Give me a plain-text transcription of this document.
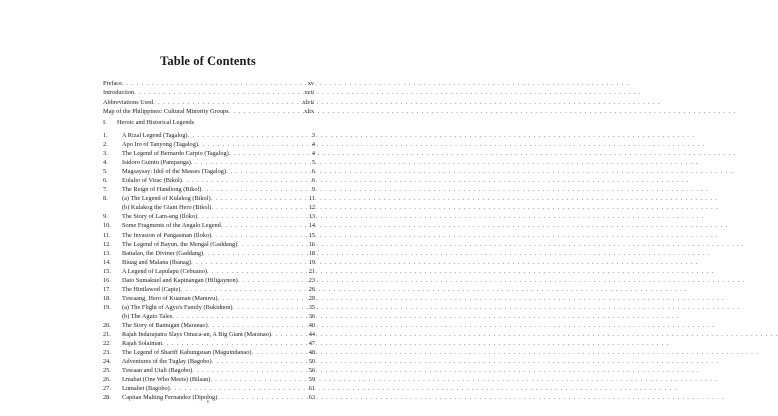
Table of Contents
Preface . . .	xv
Introduction . . .	xvii
Abbreviations Used . . .	xlvii
Map of the Philippines: Cultural Minority Groups . . .	xlix
I. Heroic and Historical Legends
1.	A Rizal Legend (Tagalog) . . .	3
2.	Apo Iro of Tanyong (Tagalog) . . .	4
3.	The Legend of Bernardo Carpio (Tagalog) . . .	4
4.	Isidoro Guintu (Pampanga) . . .	5
5.	Magsaysay: Idol of the Masses (Tagalog) . . .	6
6.	Eulalio of Virac (Bikol) . . .	6
7.	The Reign of Handiong (Bikol) . . .	9
8.	(a) The Legend of Kulakog (Bikol) . . .	11
(b) Kulakog the Giant Hero (Bikol) . . .	12
9.	The Story of Lam-ang (Iloko) . . .	13
10.	Some Fragments of the Angalo Legend . . .	14
11.	The Invasion of Pangasinan (Iloko) . . .	15
12.	The Legend of Bayun, the Mengal (Gaddang) . . .	16
13.	Battalan, the Diviner (Gaddang) . . .	18
14.	Biuag and Malana (Ibanag) . . .	19
15.	A Legend of Lapulapu (Cebuano) . . .	21
16.	Dato Sumakuel and Kapinangan (Hiligaynon) . . .	23
17.	The Hinilawod (Capiz) . . .	26
18.	Tuwaang, Hero of Kuaman (Manuvu) . . .	29
19.	(a) The Flight of Agyu's Family (Bukidnon) . . .	35
(b) The Aguio Tales . . .	36
20.	The Story of Bantugan (Maranao) . . .	40
21.	Rajah Indarapatra Slays Omaca-an, A Big Giant (Maranao) . . .	44
22.	Rajah Solaiman . . .	47
23.	The Legend of Shariff Kabungsuan (Maguindanao) . . .	48
24.	Adventures of the Tuglay (Bagobo) . . .	50
25.	Tuwaan and Utali (Bagobo) . . .	56
26.	Lmabat (One Who Meets) (Bilaan) . . .	59
27.	Lumabet (Bagobo) . . .	61
28.	Capitan Malting Fernandez (Dipolog) . . .	63
v
